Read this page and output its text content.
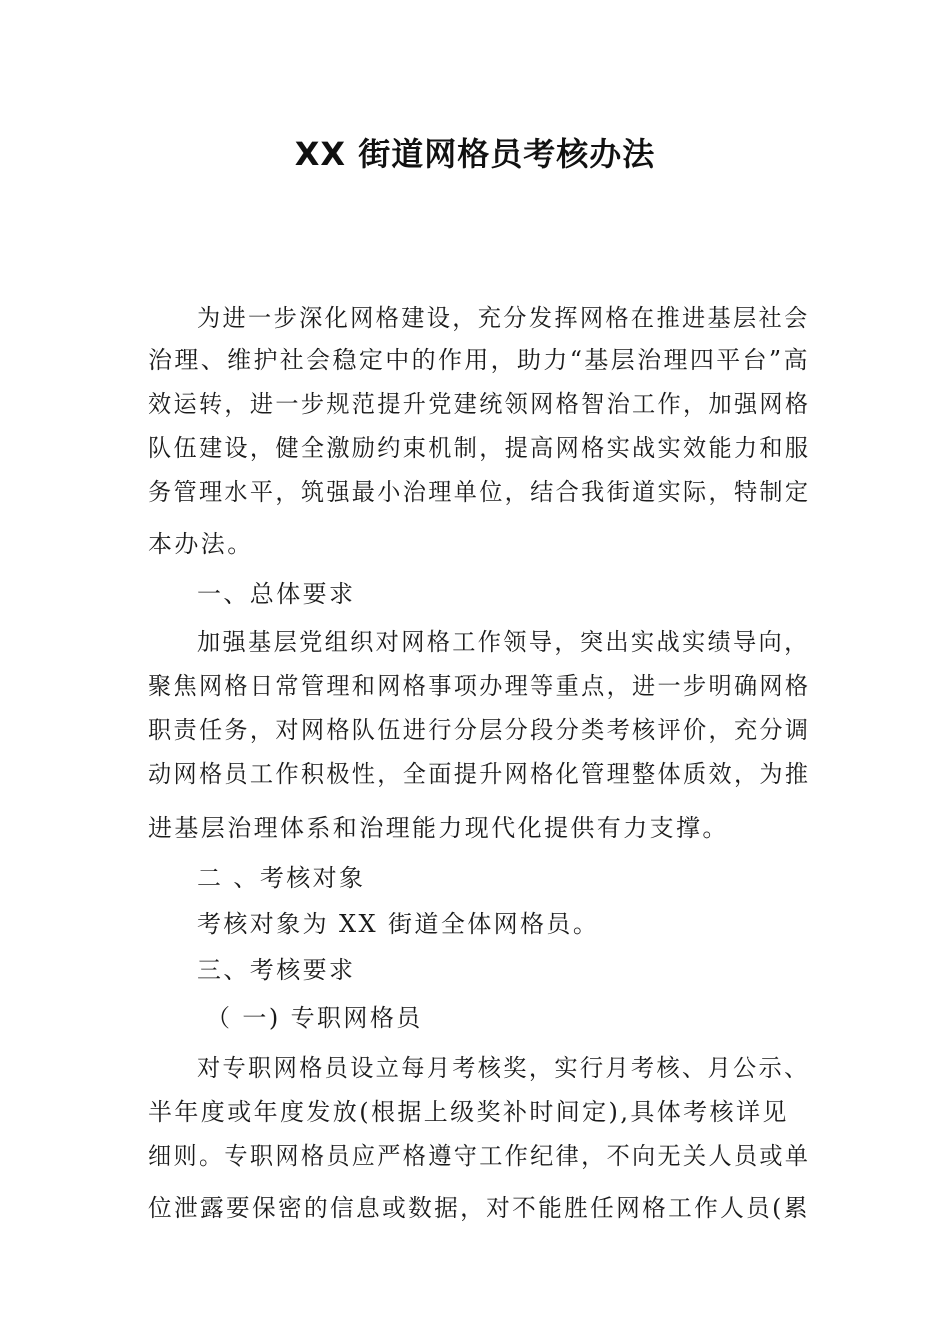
XX 街道网格员考核办法
为进一步深化网格建设，充分发挥网格在推进基层社会
治理、维护社会稳定中的作用，助力“基层治理四平台”高
效运转，进一步规范提升党建统领网格智治工作，加强网格
队伍建设，健全激励约束机制，提高网格实战实效能力和服
务管理水平，筑强最小治理单位，结合我街道实际，特制定
本办法。
一、总体要求
加强基层党组织对网格工作领导，突出实战实绩导向，
聚焦网格日常管理和网格事项办理等重点，进一步明确网格
职责任务，对网格队伍进行分层分段分类考核评价，充分调
动网格员工作积极性，全面提升网格化管理整体质效，为推
进基层治理体系和治理能力现代化提供有力支撑。
二 、考核对象
考核对象为 XX 街道全体网格员。
三、考核要求
（ 一) 专职网格员
对专职网格员设立每月考核奖，实行月考核、月公示、
半年度或年度发放(根据上级奖补时间定),具体考核详见
细则。专职网格员应严格遵守工作纪律，不向无关人员或单
位泄露要保密的信息或数据，对不能胜任网格工作人员(累
